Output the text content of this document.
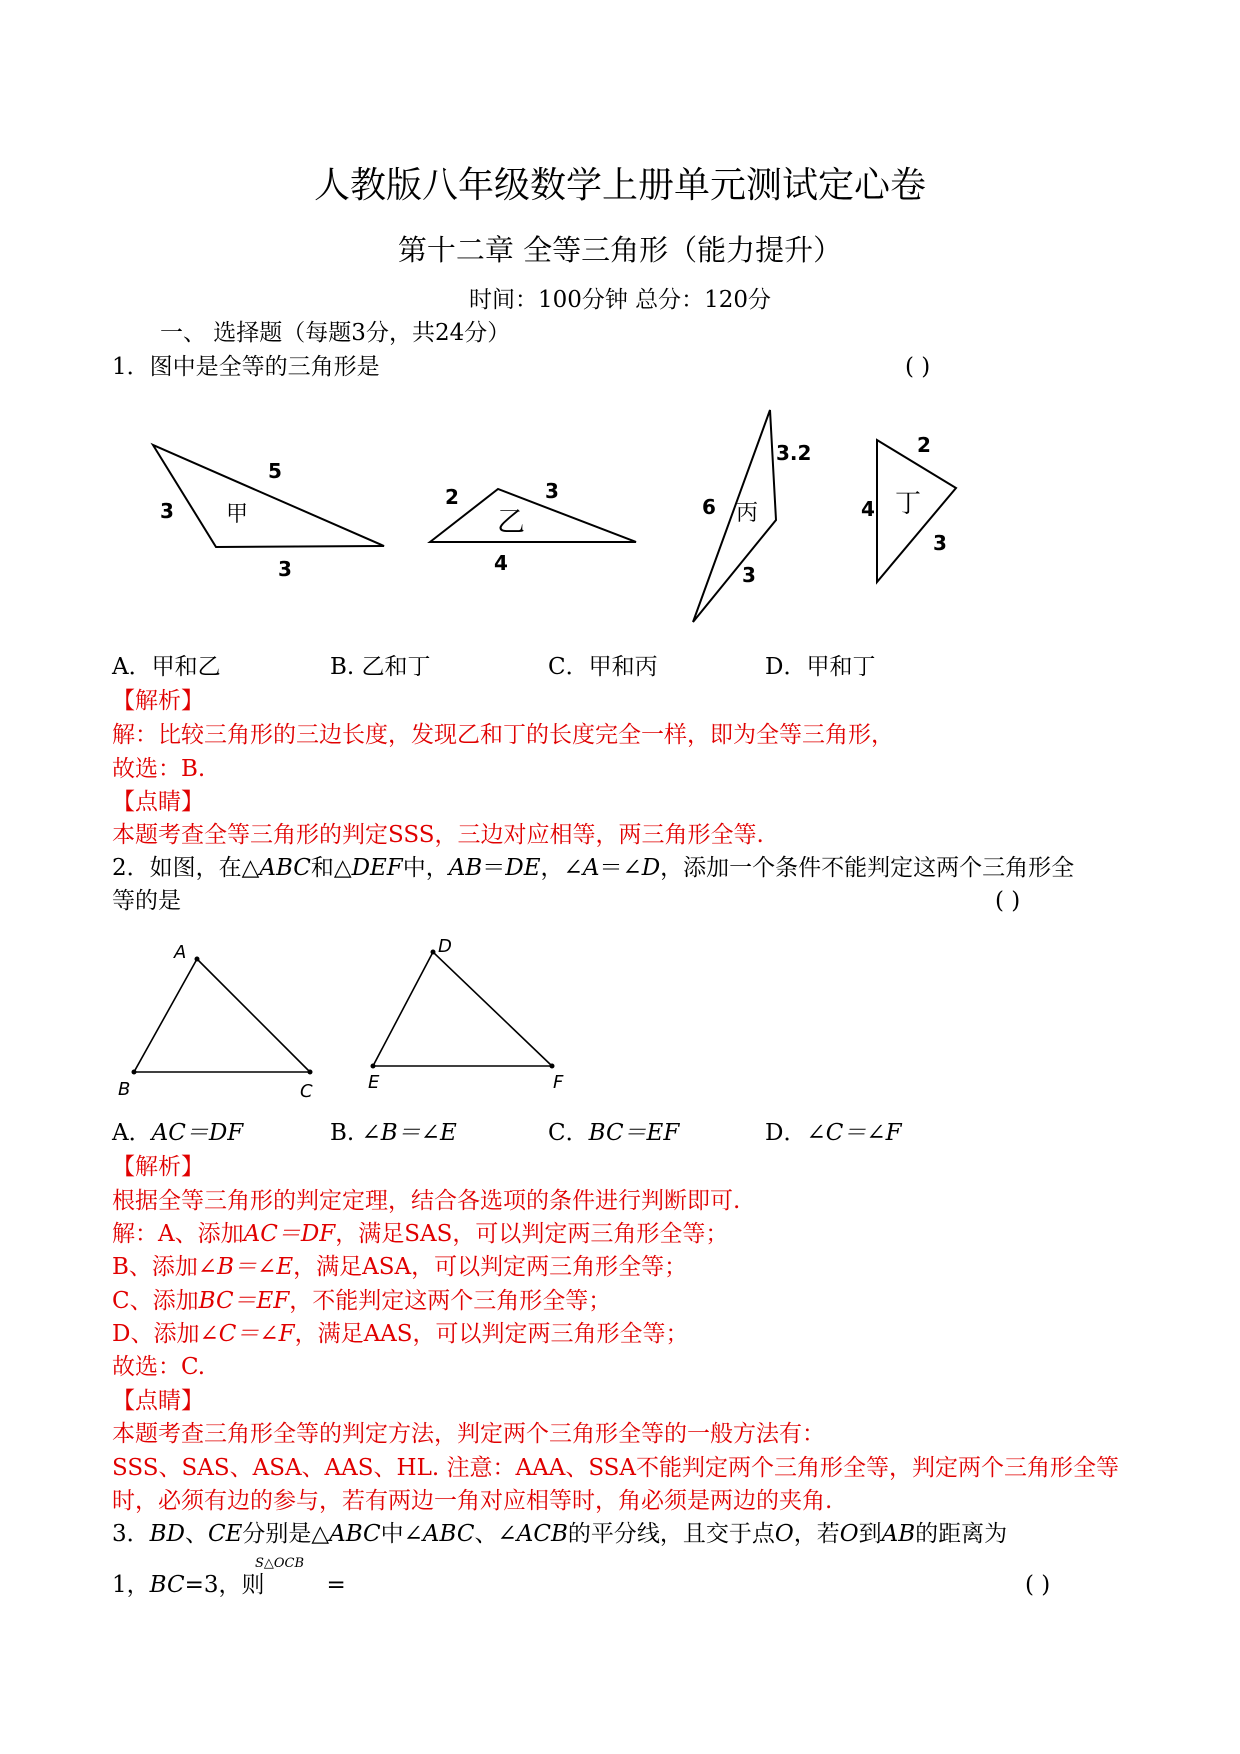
人教版八年级数学上册单元测试定心卷
第十二章 全等三角形（能力提升）
时间：100分钟 总分：120分
一、 选择题（每题3分，共24分）
1．图中是全等的三角形是	( )
3
5
3
甲	6
3.2
3
丙
2
4
3
丁
2	3
4
乙
A．甲和乙	B. 乙和丁	C．甲和丙	D．甲和丁
【解析】
解：比较三角形的三边长度，发现乙和丁的长度完全一样，即为全等三角形，
故选：B.
【点睛】
本题考查全等三角形的判定SSS，三边对应相等，两三角形全等.
2．如图，在△ABC和△DEF中，AB＝DE，∠A＝∠D，添加一个条件不能判定这两个三角形全
等的是	( )
A
B	C
D
E	F
A．AC＝DF	B. ∠B＝∠E	C．BC＝EF	D．∠C＝∠F
【解析】
根据全等三角形的判定定理，结合各选项的条件进行判断即可.
解：A、添加AC＝DF，满足SAS，可以判定两三角形全等；
B、添加∠B＝∠E，满足ASA，可以判定两三角形全等；
C、添加BC＝EF，不能判定这两个三角形全等；
D、添加∠C＝∠F，满足AAS，可以判定两三角形全等；
故选：C.
【点睛】
本题考查三角形全等的判定方法，判定两个三角形全等的一般方法有：
SSS、SAS、ASA、AAS、HL. 注意：AAA、SSA不能判定两个三角形全等，判定两个三角形全等
时，必须有边的参与，若有两边一角对应相等时，角必须是两边的夹角.
3．BD、CE分别是△ABC中∠ABC、∠ACB的平分线，且交于点O，若O到AB的距离为
1，BC=3，则	=
S△OCB
( )
